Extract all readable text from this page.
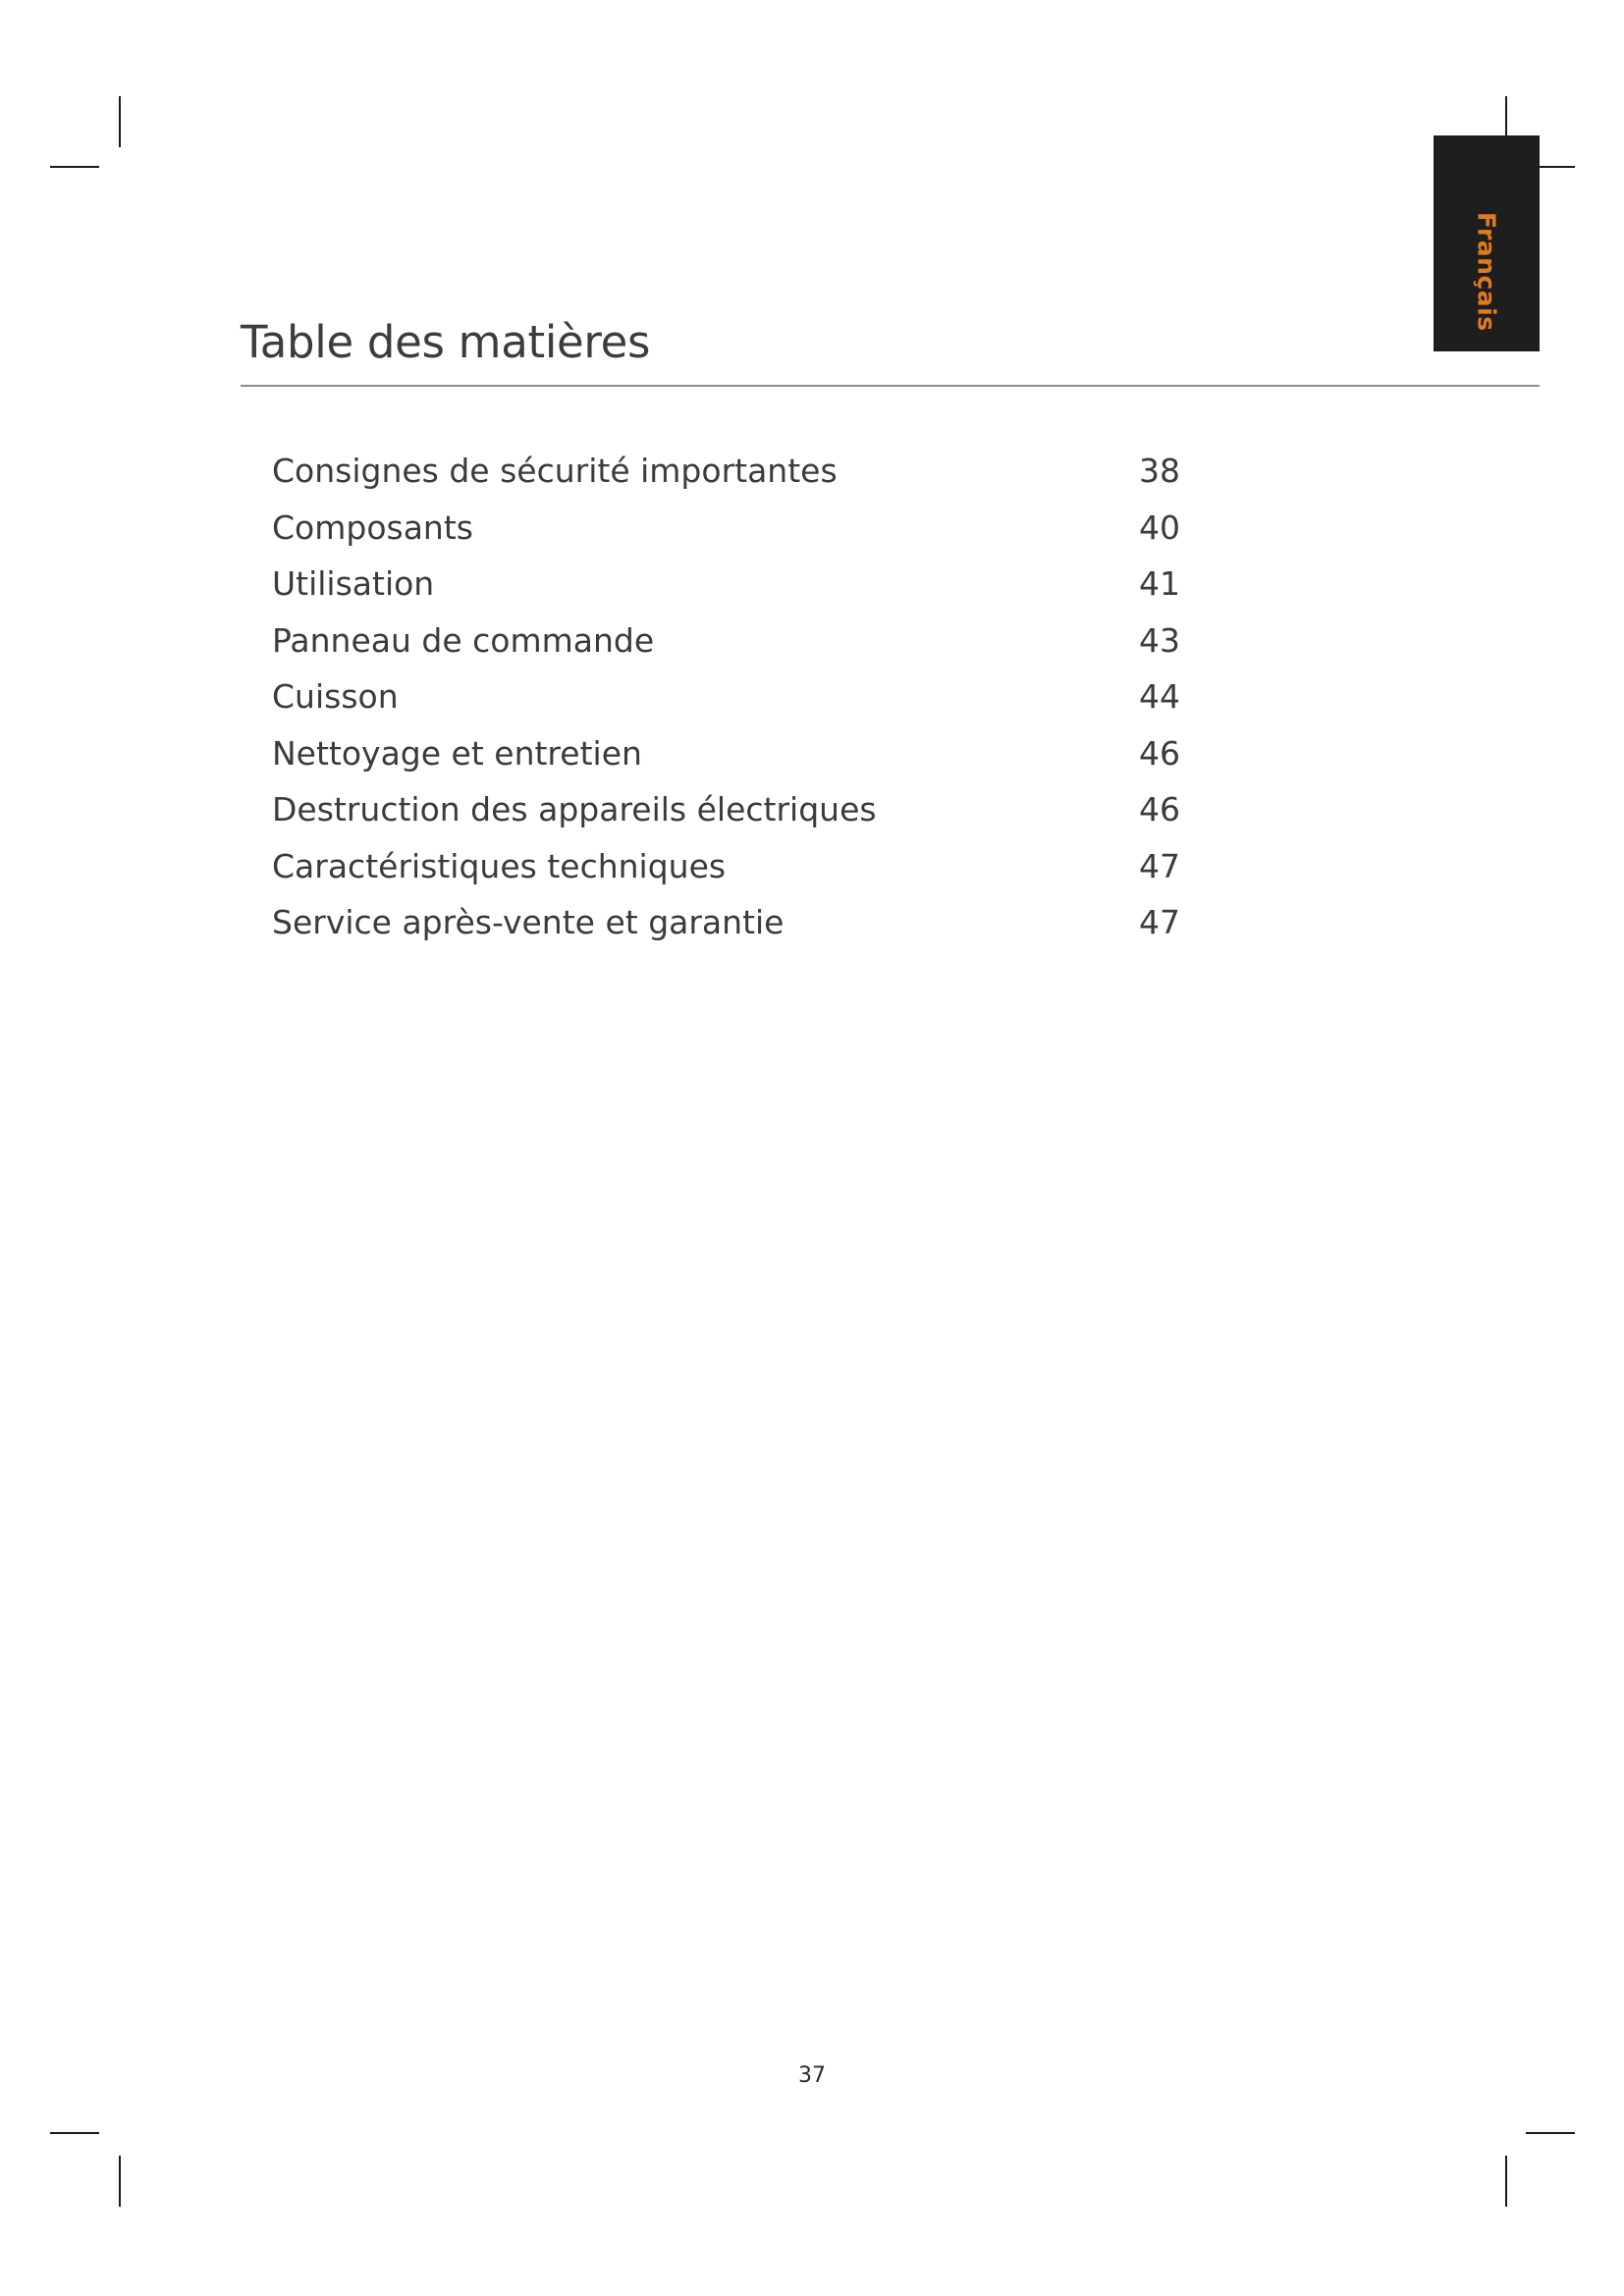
Français
Table des matières
Consignes de sécurité importantes	38
Composants	40
Utilisation	41
Panneau de commande	43
Cuisson	44
Nettoyage et entretien	46
Destruction des appareils électriques	46
Caractéristiques techniques	47
Service après-vente et garantie	47
37
